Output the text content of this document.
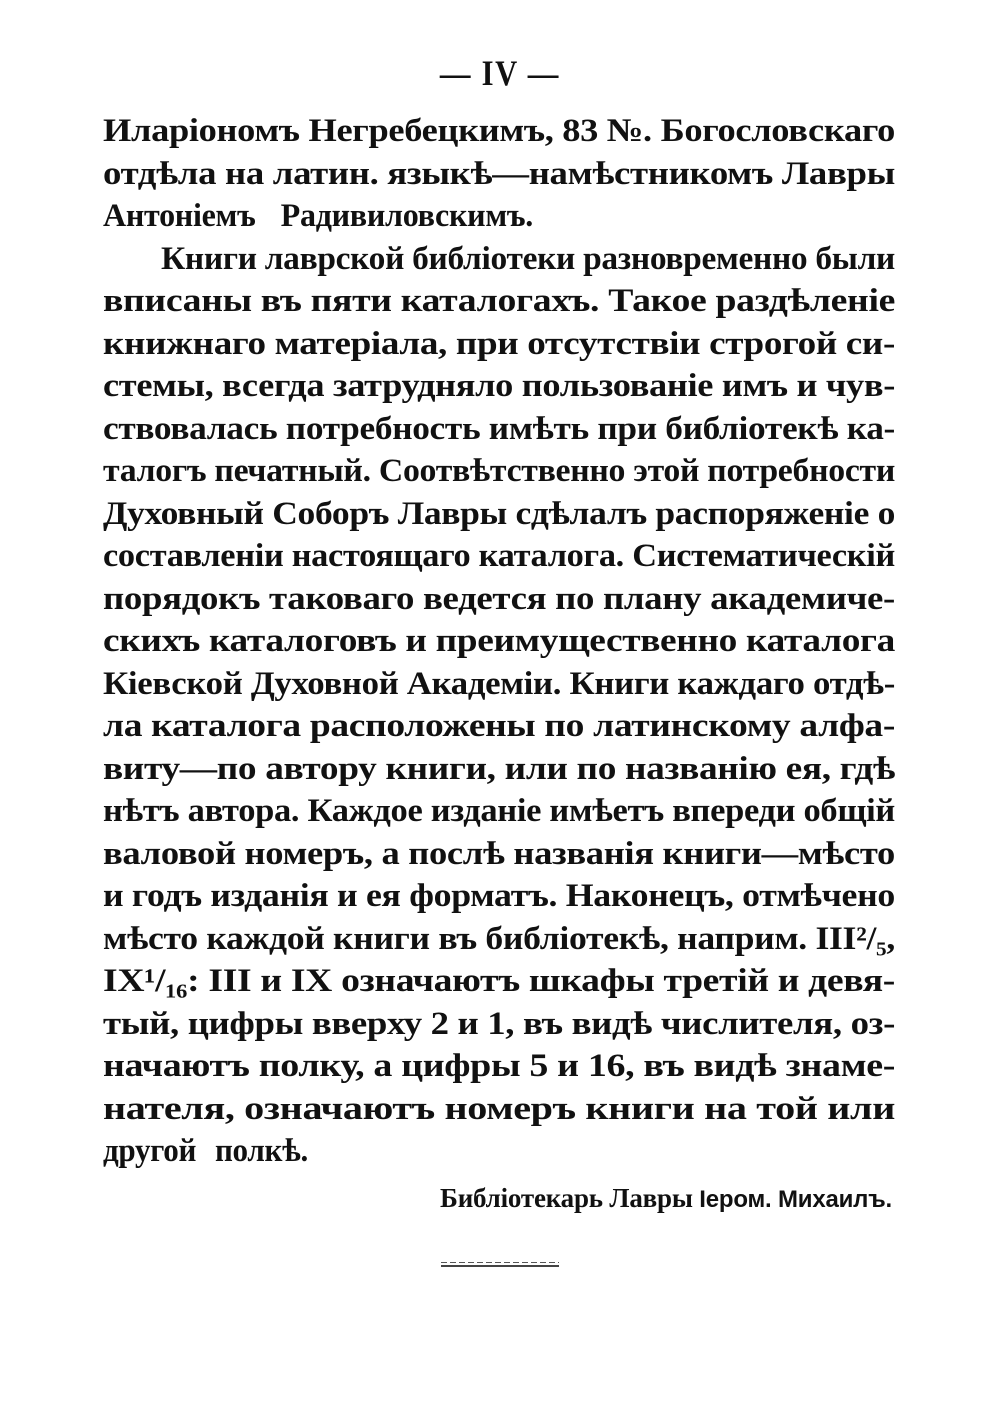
— IV —
Иларіономъ Негребецкимъ, 83 №. Богословскаго
отдѣла на латин. языкѣ—намѣстникомъ Лавры
Антоніемъ Радивиловскимъ.
Книги лаврской библіотеки разновременно были
вписаны въ пяти каталогахъ. Такое раздѣленіе
книжнаго матеріала, при отсутствіи строгой си-
стемы, всегда затрудняло пользованіе имъ и чув-
ствовалась потребность имѣть при библіотекѣ ка-
талогъ печатный. Соотвѣтственно этой потребности
Духовный Соборъ Лавры сдѣлалъ распоряженіе о
составленіи настоящаго каталога. Систематическій
порядокъ таковаго ведется по плану академиче-
скихъ каталоговъ и преимущественно каталога
Кіевской Духовной Академіи. Книги каждаго отдѣ-
ла каталога расположены по латинскому алфа-
виту—по автору книги, или по названію ея, гдѣ
нѣтъ автора. Каждое изданіе имѣетъ впереди общій
валовой номеръ, а послѣ названія книги—мѣсто
и годъ изданія и ея форматъ. Наконецъ, отмѣчено
мѣсто каждой книги въ библіотекѣ, наприм. III²/₅,
IX¹/₁₆: III и IX означаютъ шкафы третій и девя-
тый, цифры вверху 2 и 1, въ видѣ числителя, оз-
начаютъ полку, а цифры 5 и 16, въ видѣ знаме-
нателя, означаютъ номеръ книги на той или
другой полкѣ.
Библіотекарь Лавры Іером. Михаилъ.
